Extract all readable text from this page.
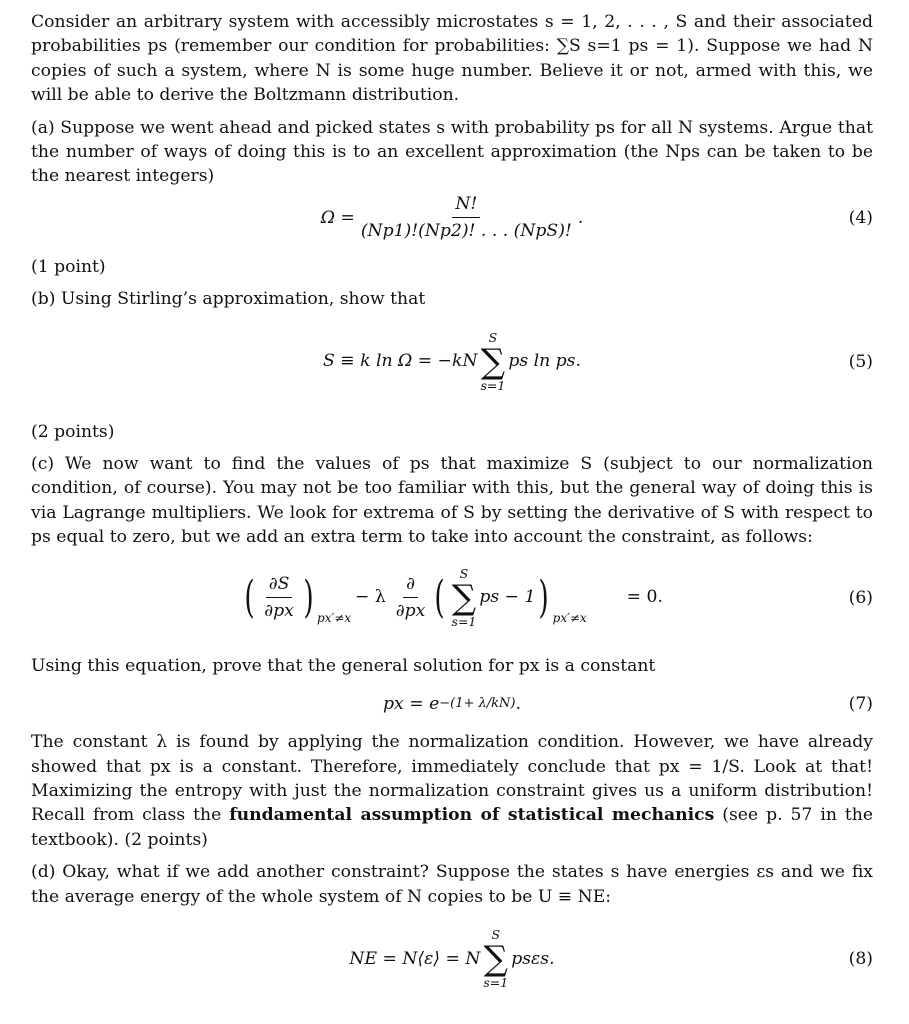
Consider an arbitrary system with accessibly microstates s = 1, 2, . . . , S and their associated probabilities ps (remember our condition for probabilities: ∑S s=1 ps = 1). Suppose we had N copies of such a system, where N is some huge number. Believe it or not, armed with this, we will be able to derive the Boltzmann distribution.

(a) Suppose we went ahead and picked states s with probability ps for all N systems. Argue that the number of ways of doing this is to an excellent approximation (the Nps can be taken to be the nearest integers)

$\Omega = \frac{N!}{\text{(Np1)!(Np2)! . . . (NpS)!}}$ .	(4)

(1 point)

(b) Using Stirling’s approximation, show that

S ≡ k ln Ω = −kN
S
∑
s=1
ps ln ps.	(5)

(2 points)

(c) We now want to find the values of ps that maximize S (subject to our normalization condition, of course). You may not be too familiar with this, but the general way of doing this is via Lagrange multipliers. We look for extrema of S by setting the derivative of S with respect to ps equal to zero, but we add an extra term to take into account the constraint, as follows:

( $\frac{\partial S}{\partial px}$ ) px′≠x
− λ $\frac{\partial}{\partial px}$ ( S
∑
s=1
ps − 1 ) px′≠x
= 0.	(6)

Using this equation, prove that the general solution for px is a constant

px = e −(1+ λ/kN) .	(7)

The constant λ is found by applying the normalization condition. However, we have already showed that px is a constant. Therefore, immediately conclude that px = 1/S. Look at that! Maximizing the entropy with just the normalization constraint gives us a uniform distribution! Recall from class the fundamental assumption of statistical mechanics (see p. 57 in the textbook). (2 points)

(d) Okay, what if we add another constraint? Suppose the states s have energies εs and we fix the average energy of the whole system of N copies to be U ≡ NE:

NE = N⟨ε⟩ = N
S
∑
s=1
psεs.	(8)
